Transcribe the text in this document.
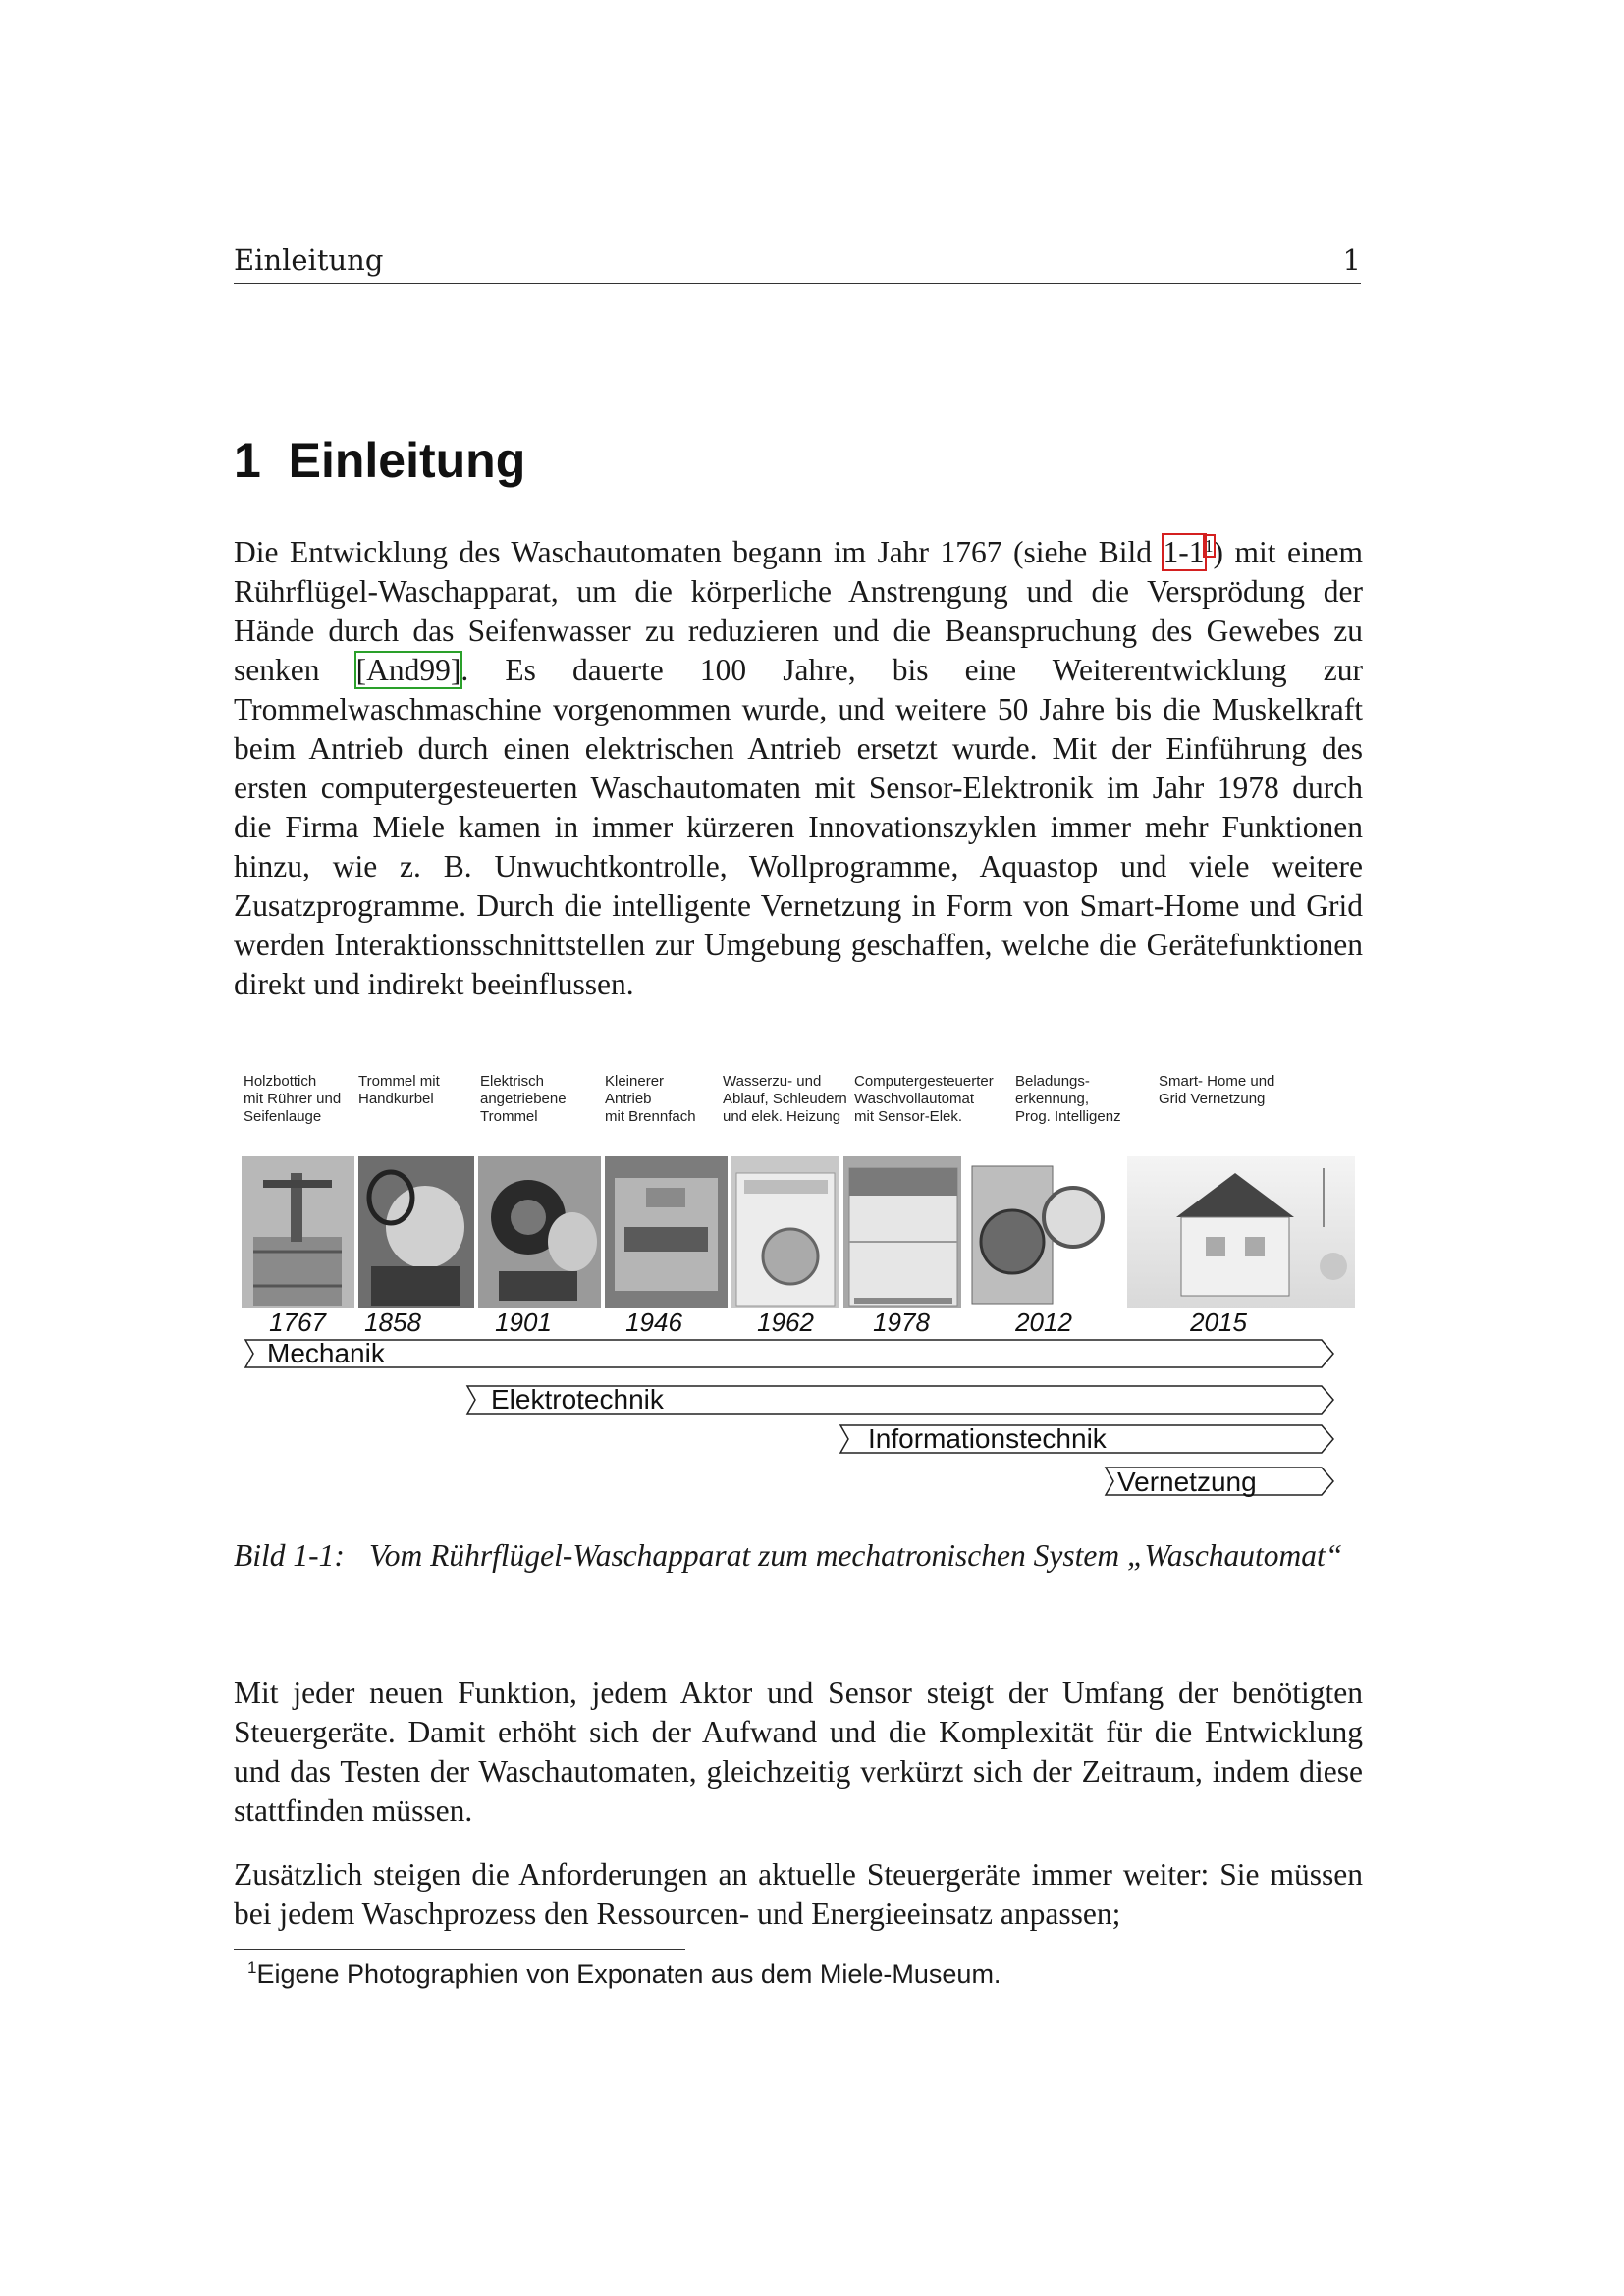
Einleitung	1
1 Einleitung

Die Entwicklung des Waschautomaten begann im Jahr 1767 (siehe Bild 1-1$^1$) mit einem Rührflügel-Waschapparat, um die körperliche Anstrengung und die Versprödung der Hände durch das Seifenwasser zu reduzieren und die Beanspruchung des Gewebes zu senken [And99]. Es dauerte 100 Jahre, bis eine Weiterentwicklung zur Trommelwaschmaschine vorgenommen wurde, und weitere 50 Jahre bis die Muskelkraft beim Antrieb durch einen elektrischen Antrieb ersetzt wurde. Mit der Einführung des ersten computergesteuerten Waschautomaten mit Sensor-Elektronik im Jahr 1978 durch die Firma Miele kamen in immer kürzeren Innovationszyklen immer mehr Funktionen hinzu, wie z. B. Unwuchtkontrolle, Wollprogramme, Aquastop und viele weitere Zusatzprogramme. Durch die intelligente Vernetzung in Form von Smart-Home und Grid werden Interaktionsschnittstellen zur Umgebung geschaffen, welche die Gerätefunktionen direkt und indirekt beeinflussen.

Holzbottich mit Rührer und Seifenlauge
Trommel mit Handkurbel
Elektrisch angetriebene Trommel
Kleinerer Antrieb mit Brennfach
Wasserzu- und Ablauf, Schleudern und elek. Heizung
Computergesteuerter Waschvollautomat mit Sensor-Elek.
Beladungs-erkennung, Prog. Intelligenz
Smart- Home und Grid Vernetzung
1767 1858	1901	1946	1962 1978	2012	2015
Mechanik
Elektrotechnik
Informationstechnik
Vernetzung
Bild 1-1: Vom Rührflügel-Waschapparat zum mechatronischen System „Waschautomat“

Mit jeder neuen Funktion, jedem Aktor und Sensor steigt der Umfang der benötigten Steuergeräte. Damit erhöht sich der Aufwand und die Komplexität für die Entwicklung und das Testen der Waschautomaten, gleichzeitig verkürzt sich der Zeitraum, indem diese stattfinden müssen.

Zusätzlich steigen die Anforderungen an aktuelle Steuergeräte immer weiter: Sie müssen bei jedem Waschprozess den Ressourcen- und Energieeinsatz anpassen;

$^1$Eigene Photographien von Exponaten aus dem Miele-Museum.
